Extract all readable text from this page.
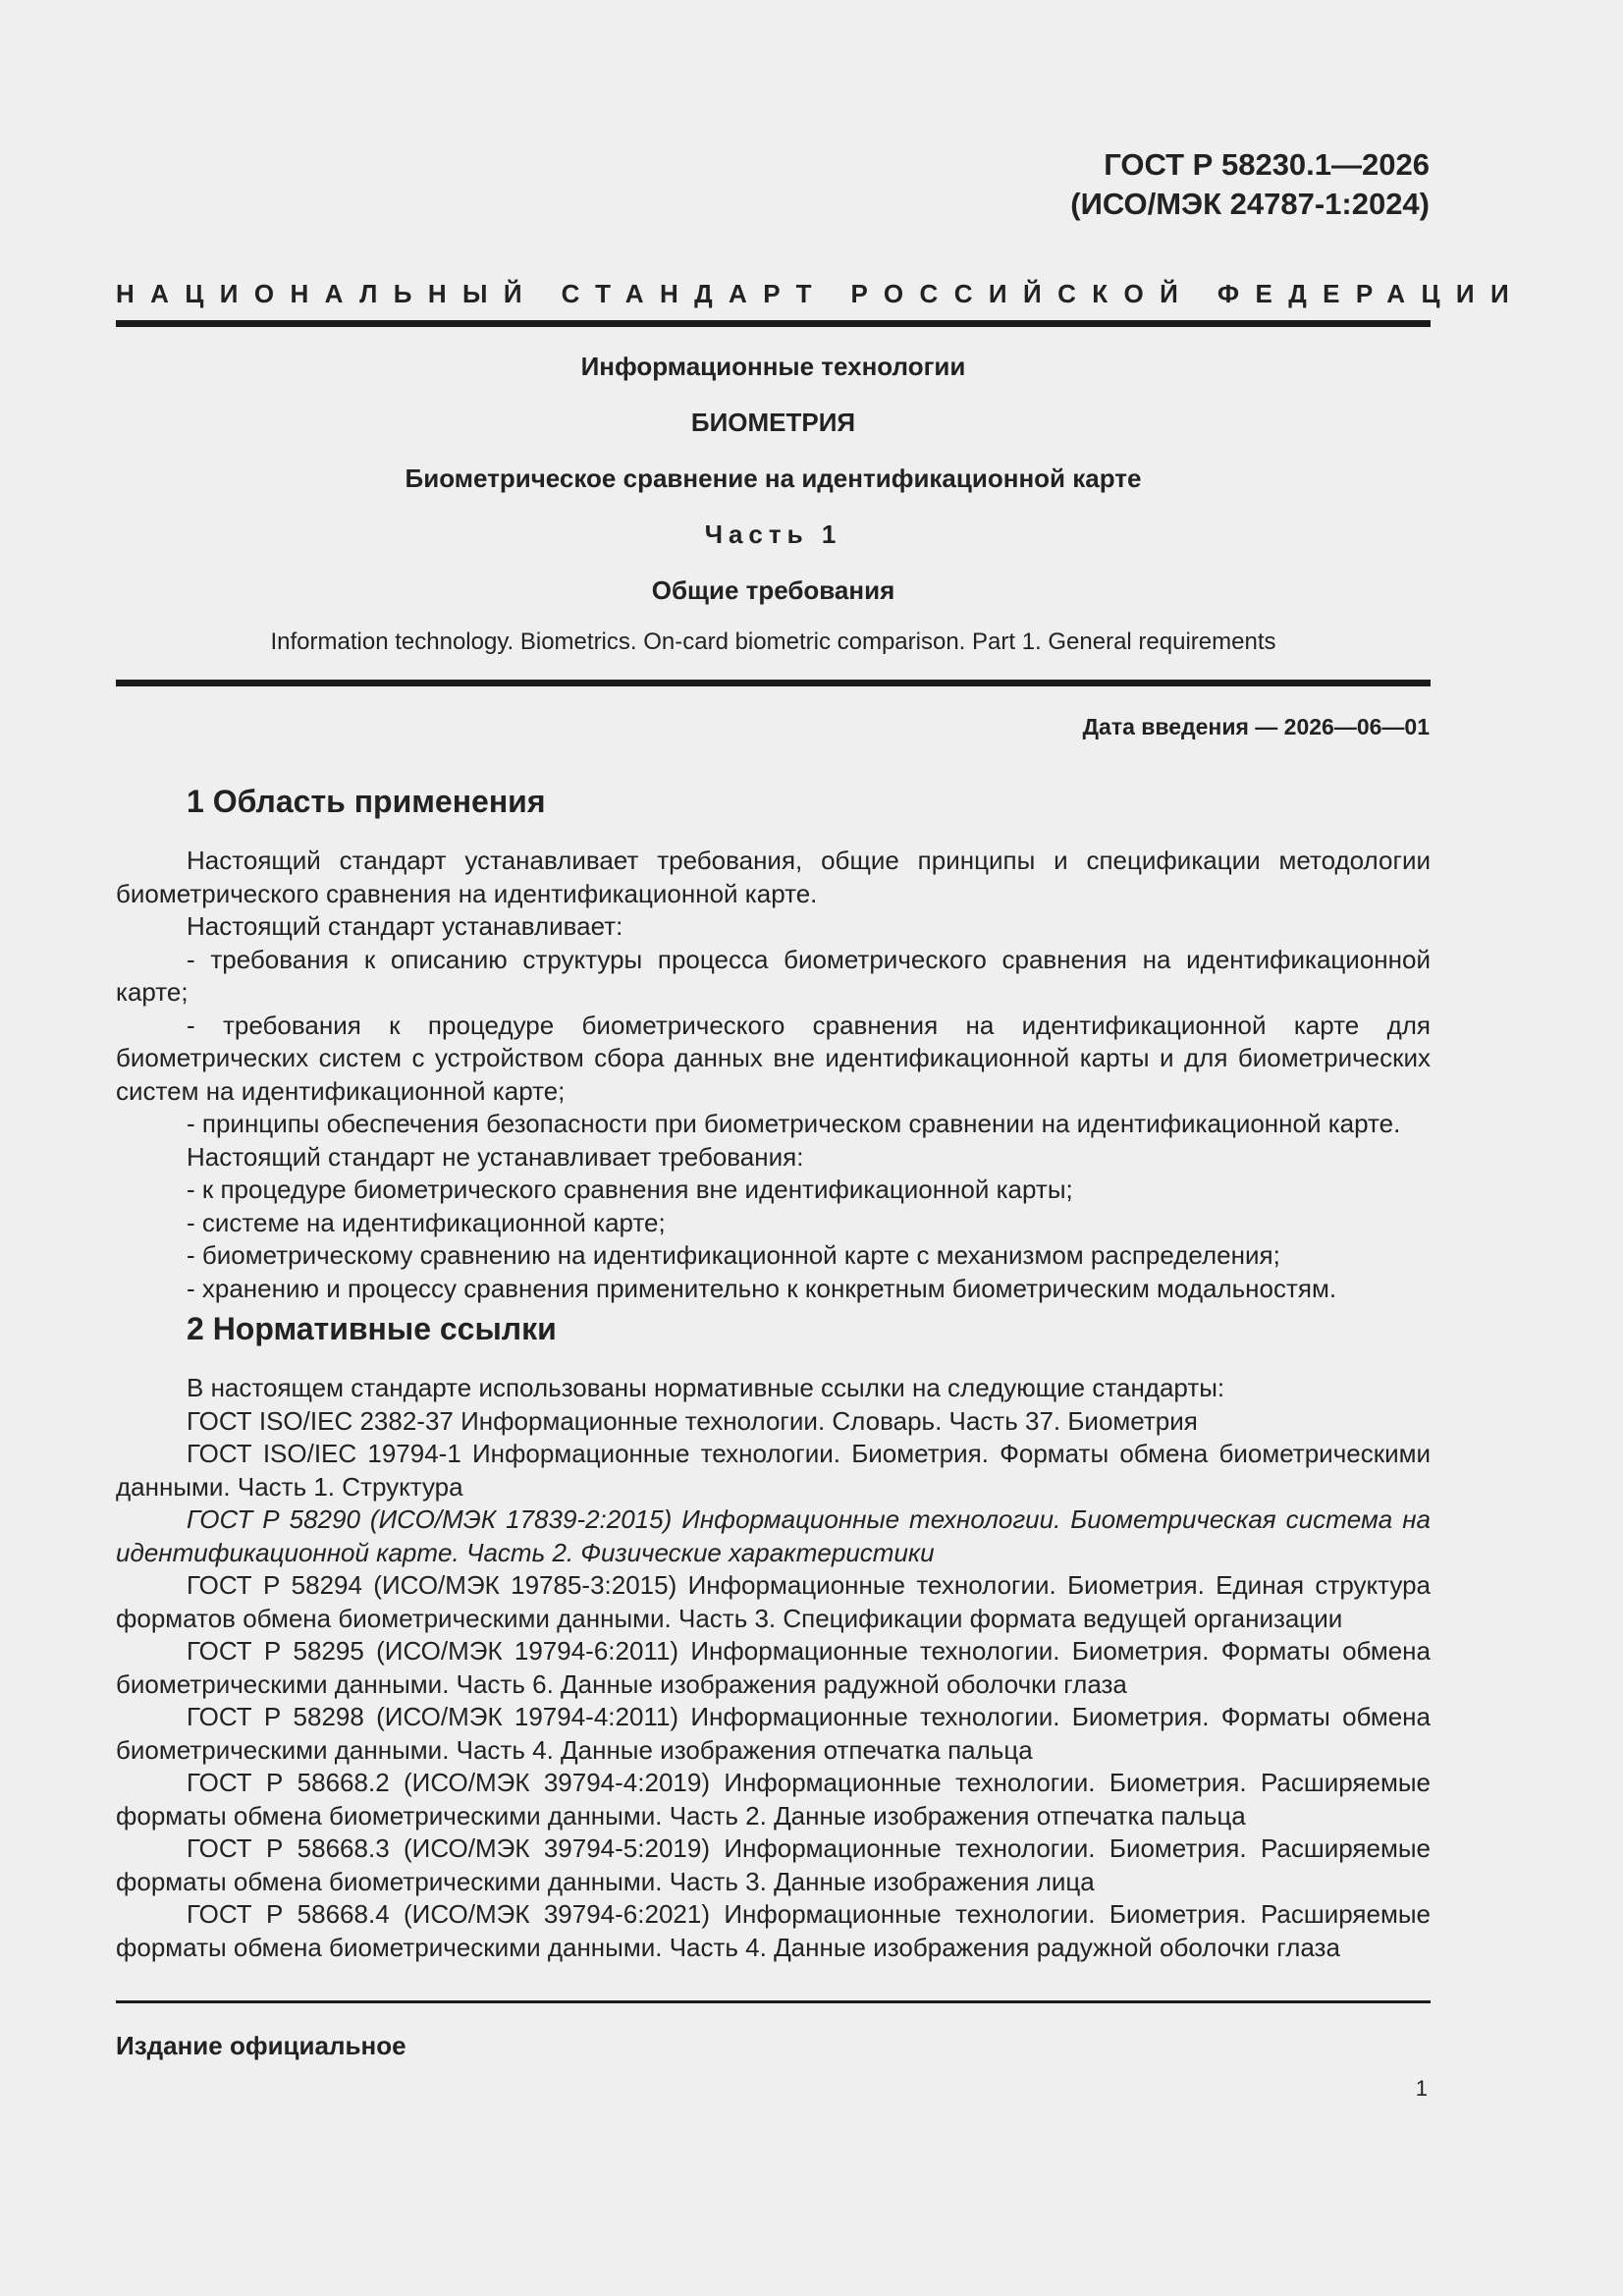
ГОСТ Р 58230.1—2026
(ИСО/МЭК 24787-1:2024)
НАЦИОНАЛЬНЫЙ СТАНДАРТ РОССИЙСКОЙ ФЕДЕРАЦИИ
Информационные технологии
БИОМЕТРИЯ
Биометрическое сравнение на идентификационной карте
Часть 1
Общие требования
Information technology. Biometrics. On-card biometric comparison. Part 1. General requirements
Дата введения — 2026—06—01
1 Область применения

Настоящий стандарт устанавливает требования, общие принципы и спецификации методологии биометрического сравнения на идентификационной карте.

Настоящий стандарт устанавливает:

- требования к описанию структуры процесса биометрического сравнения на идентификационной карте;

- требования к процедуре биометрического сравнения на идентификационной карте для биометрических систем с устройством сбора данных вне идентификационной карты и для биометрических систем на идентификационной карте;

- принципы обеспечения безопасности при биометрическом сравнении на идентификационной карте.

Настоящий стандарт не устанавливает требования:

- к процедуре биометрического сравнения вне идентификационной карты;

- системе на идентификационной карте;

- биометрическому сравнению на идентификационной карте с механизмом распределения;

- хранению и процессу сравнения применительно к конкретным биометрическим модальностям.

2 Нормативные ссылки

В настоящем стандарте использованы нормативные ссылки на следующие стандарты:

ГОСТ ISO/IEC 2382-37 Информационные технологии. Словарь. Часть 37. Биометрия

ГОСТ ISO/IEC 19794-1 Информационные технологии. Биометрия. Форматы обмена биометрическими данными. Часть 1. Структура

ГОСТ Р 58290 (ИСО/МЭК 17839-2:2015) Информационные технологии. Биометрическая система на идентификационной карте. Часть 2. Физические характеристики

ГОСТ Р 58294 (ИСО/МЭК 19785-3:2015) Информационные технологии. Биометрия. Единая структура форматов обмена биометрическими данными. Часть 3. Спецификации формата ведущей организации

ГОСТ Р 58295 (ИСО/МЭК 19794-6:2011) Информационные технологии. Биометрия. Форматы обмена биометрическими данными. Часть 6. Данные изображения радужной оболочки глаза

ГОСТ Р 58298 (ИСО/МЭК 19794-4:2011) Информационные технологии. Биометрия. Форматы обмена биометрическими данными. Часть 4. Данные изображения отпечатка пальца

ГОСТ Р 58668.2 (ИСО/МЭК 39794-4:2019) Информационные технологии. Биометрия. Расширяемые форматы обмена биометрическими данными. Часть 2. Данные изображения отпечатка пальца

ГОСТ Р 58668.3 (ИСО/МЭК 39794-5:2019) Информационные технологии. Биометрия. Расширяемые форматы обмена биометрическими данными. Часть 3. Данные изображения лица

ГОСТ Р 58668.4 (ИСО/МЭК 39794-6:2021) Информационные технологии. Биометрия. Расширяемые форматы обмена биометрическими данными. Часть 4. Данные изображения радужной оболочки глаза

Издание официальное
1
